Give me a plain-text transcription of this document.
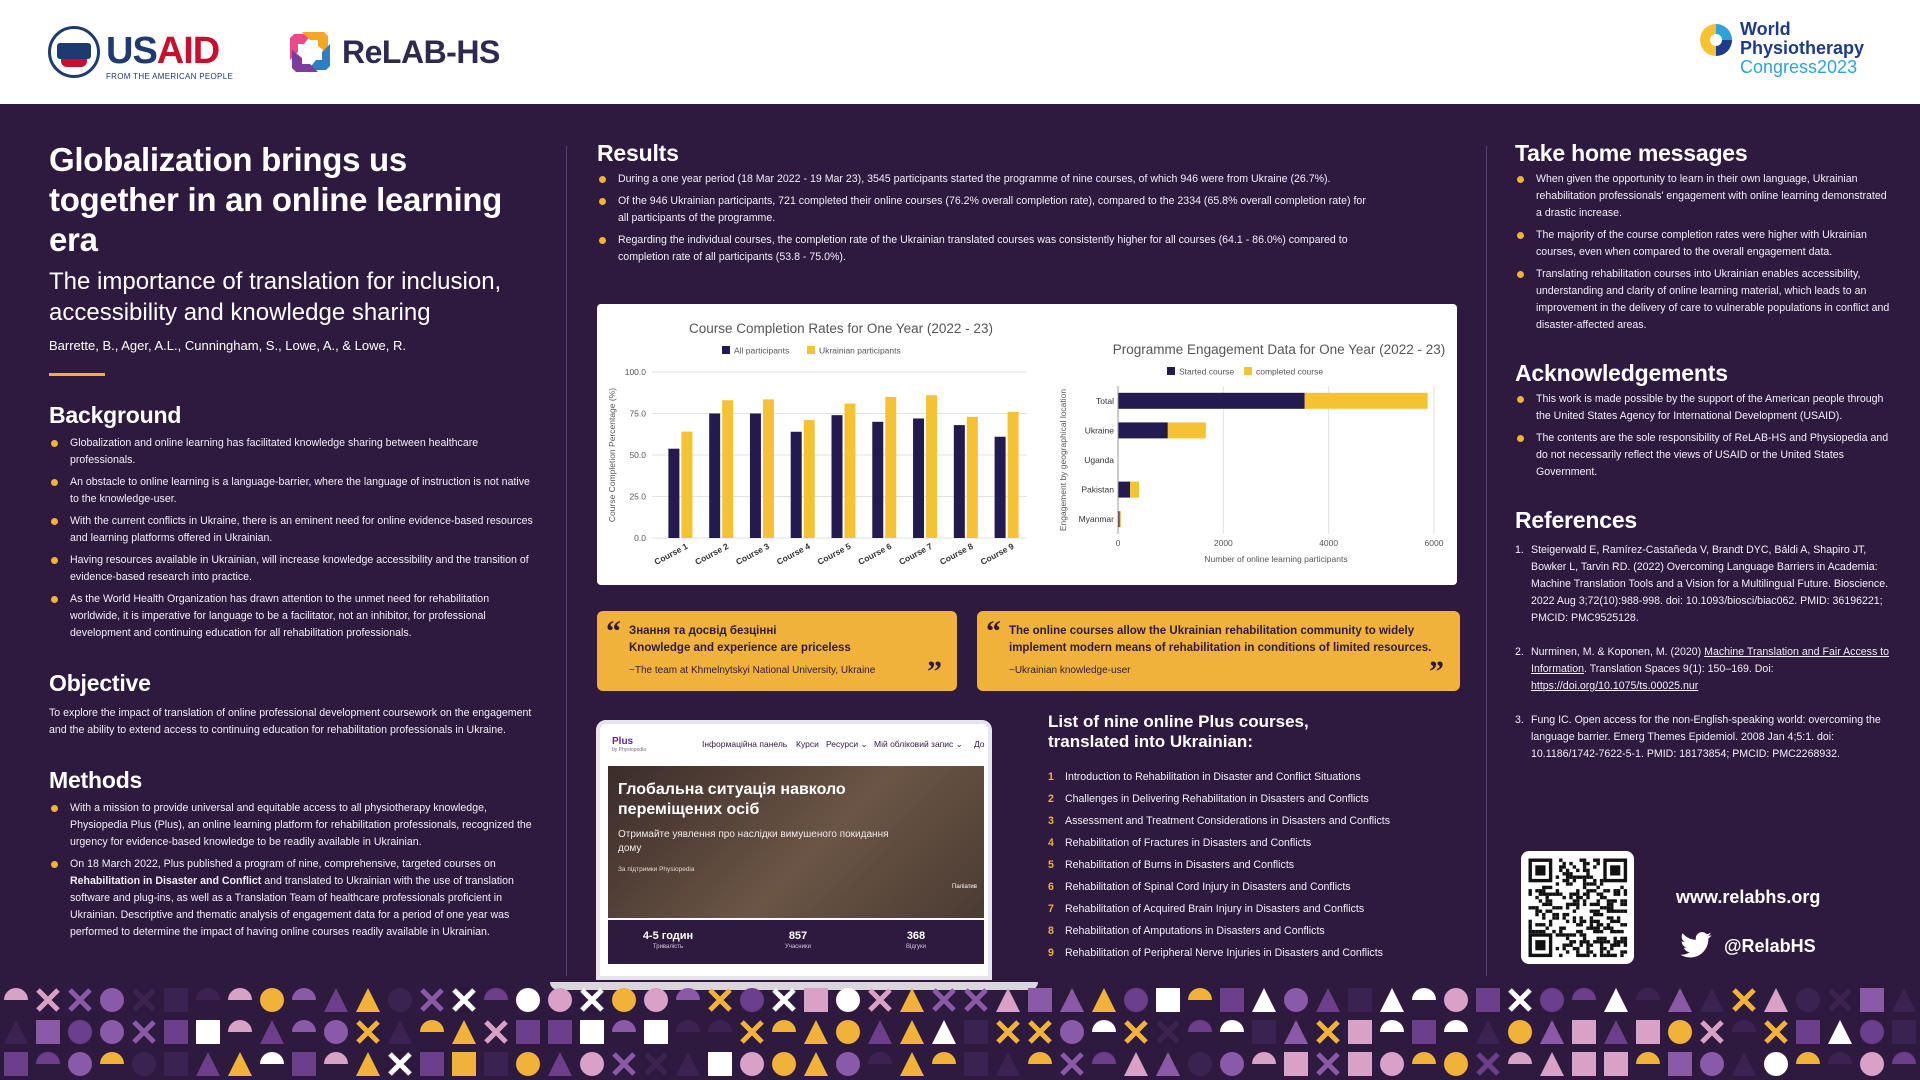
USAID
FROM THE AMERICAN PEOPLE
ReLAB-HS
World
Physiotherapy
Congress2023
Globalization brings us together in an online learning era
The importance of translation for inclusion, accessibility and knowledge sharing
Barrette, B., Ager, A.L., Cunningham, S., Lowe, A., & Lowe, R.
Background
Globalization and online learning has facilitated knowledge sharing between healthcare professionals.
An obstacle to online learning is a language-barrier, where the language of instruction is not native to the knowledge-user.
With the current conflicts in Ukraine, there is an eminent need for online evidence-based resources and learning platforms offered in Ukrainian.
Having resources available in Ukrainian, will increase knowledge accessibility and the transition of evidence-based research into practice.
As the World Health Organization has drawn attention to the unmet need for rehabilitation worldwide, it is imperative for language to be a facilitator, not an inhibitor, for professional development and continuing education for all rehabilitation professionals.
Objective

To explore the impact of translation of online professional development coursework on the engagement and the ability to extend access to continuing education for rehabilitation professionals in Ukraine.

Methods
With a mission to provide universal and equitable access to all physiotherapy knowledge, Physiopedia Plus (Plus), an online learning platform for rehabilitation professionals, recognized the urgency for evidence-based knowledge to be readily available in Ukrainian.
On 18 March 2022, Plus published a program of nine, comprehensive, targeted courses on Rehabilitation in Disaster and Conflict and translated to Ukrainian with the use of translation software and plug-ins, as well as a Translation Team of healthcare professionals proficient in Ukrainian. Descriptive and thematic analysis of engagement data for a period of one year was performed to determine the impact of having online courses readily available in Ukrainian.
Results
During a one year period (18 Mar 2022 - 19 Mar 23), 3545 participants started the programme of nine courses, of which 946 were from Ukraine (26.7%).
Of the 946 Ukrainian participants, 721 completed their online courses (76.2% overall completion rate), compared to the 2334 (65.8% overall completion rate) for all participants of the programme.
Regarding the individual courses, the completion rate of the Ukrainian translated courses was consistently higher for all courses (64.1 - 86.0%) compared to completion rate of all participants (53.8 - 75.0%).
Course Completion Rates for One Year (2022 - 23)
All participants	Ukrainian participants
0.0
25.0
50.0
75.0
100.0
Course Completion Percentage (%)
Course 1 Course 2 Course 3 Course 4 Course 5 Course 6 Course 7 Course 8 Course 9
Programme Engagement Data for One Year (2022 - 23)
Started course	completed course
0	2000	4000	6000
Number of online learning participants
Engagement by geographical location	Total
Ukraine
Uganda
Pakistan
Myanmar
“ Знання та досвід безцінні
Knowledge and experience are priceless
~The team at Khmelnytskyi National University, Ukraine ”
“ The online courses allow the Ukrainian rehabilitation community to widely
implement modern means of rehabilitation in conditions of limited resources.
~Ukrainian knowledge-user	”
Plus
by Physiopedia
Інформаційна панель Курси Ресурси ⌄ Мій обліковий запис ⌄ Дo
Глобальна ситуація навколо переміщених осіб
Отримайте уявлення про наслідки вимушеного покидання дому
За підтримки Physiopedia
Паліатив
4-5 годин
Тривалість
857
Учасники
368
Відгуки
List of nine online Plus courses,
translated into Ukrainian:
1 Introduction to Rehabilitation in Disaster and Conflict Situations
2 Challenges in Delivering Rehabilitation in Disasters and Conflicts
3 Assessment and Treatment Considerations in Disasters and Conflicts
4 Rehabilitation of Fractures in Disasters and Conflicts
5 Rehabilitation of Burns in Disasters and Conflicts
6 Rehabilitation of Spinal Cord Injury in Disasters and Conflicts
7 Rehabilitation of Acquired Brain Injury in Disasters and Conflicts
8 Rehabilitation of Amputations in Disasters and Conflicts
9 Rehabilitation of Peripheral Nerve Injuries in Disasters and Conflicts
Take home messages
When given the opportunity to learn in their own language, Ukrainian rehabilitation professionals' engagement with online learning demonstrated a drastic increase.
The majority of the course completion rates were higher with Ukrainian courses, even when compared to the overall engagement data.
Translating rehabilitation courses into Ukrainian enables accessibility, understanding and clarity of online learning material, which leads to an improvement in the delivery of care to vulnerable populations in conflict and disaster-affected areas.
Acknowledgements
This work is made possible by the support of the American people through the United States Agency for International Development (USAID).
The contents are the sole responsibility of ReLAB-HS and Physiopedia and do not necessarily reflect the views of USAID or the United States Government.
References
1. Steigerwald E, Ramírez-Castañeda V, Brandt DYC, Báldi A, Shapiro JT, Bowker L, Tarvin RD. (2022) Overcoming Language Barriers in Academia: Machine Translation Tools and a Vision for a Multilingual Future. Bioscience. 2022 Aug 3;72(10):988-998. doi: 10.1093/biosci/biac062. PMID: 36196221; PMCID: PMC9525128.
2. Nurminen, M. & Koponen, M. (2020) Machine Translation and Fair Access to Information. Translation Spaces 9(1): 150–169. Doi: https://doi.org/10.1075/ts.00025.nur
3. Fung IC. Open access for the non-English-speaking world: overcoming the language barrier. Emerg Themes Epidemiol. 2008 Jan 4;5:1. doi: 10.1186/1742-7622-5-1. PMID: 18173854; PMCID: PMC2268932.
www.relabhs.org
@RelabHS
